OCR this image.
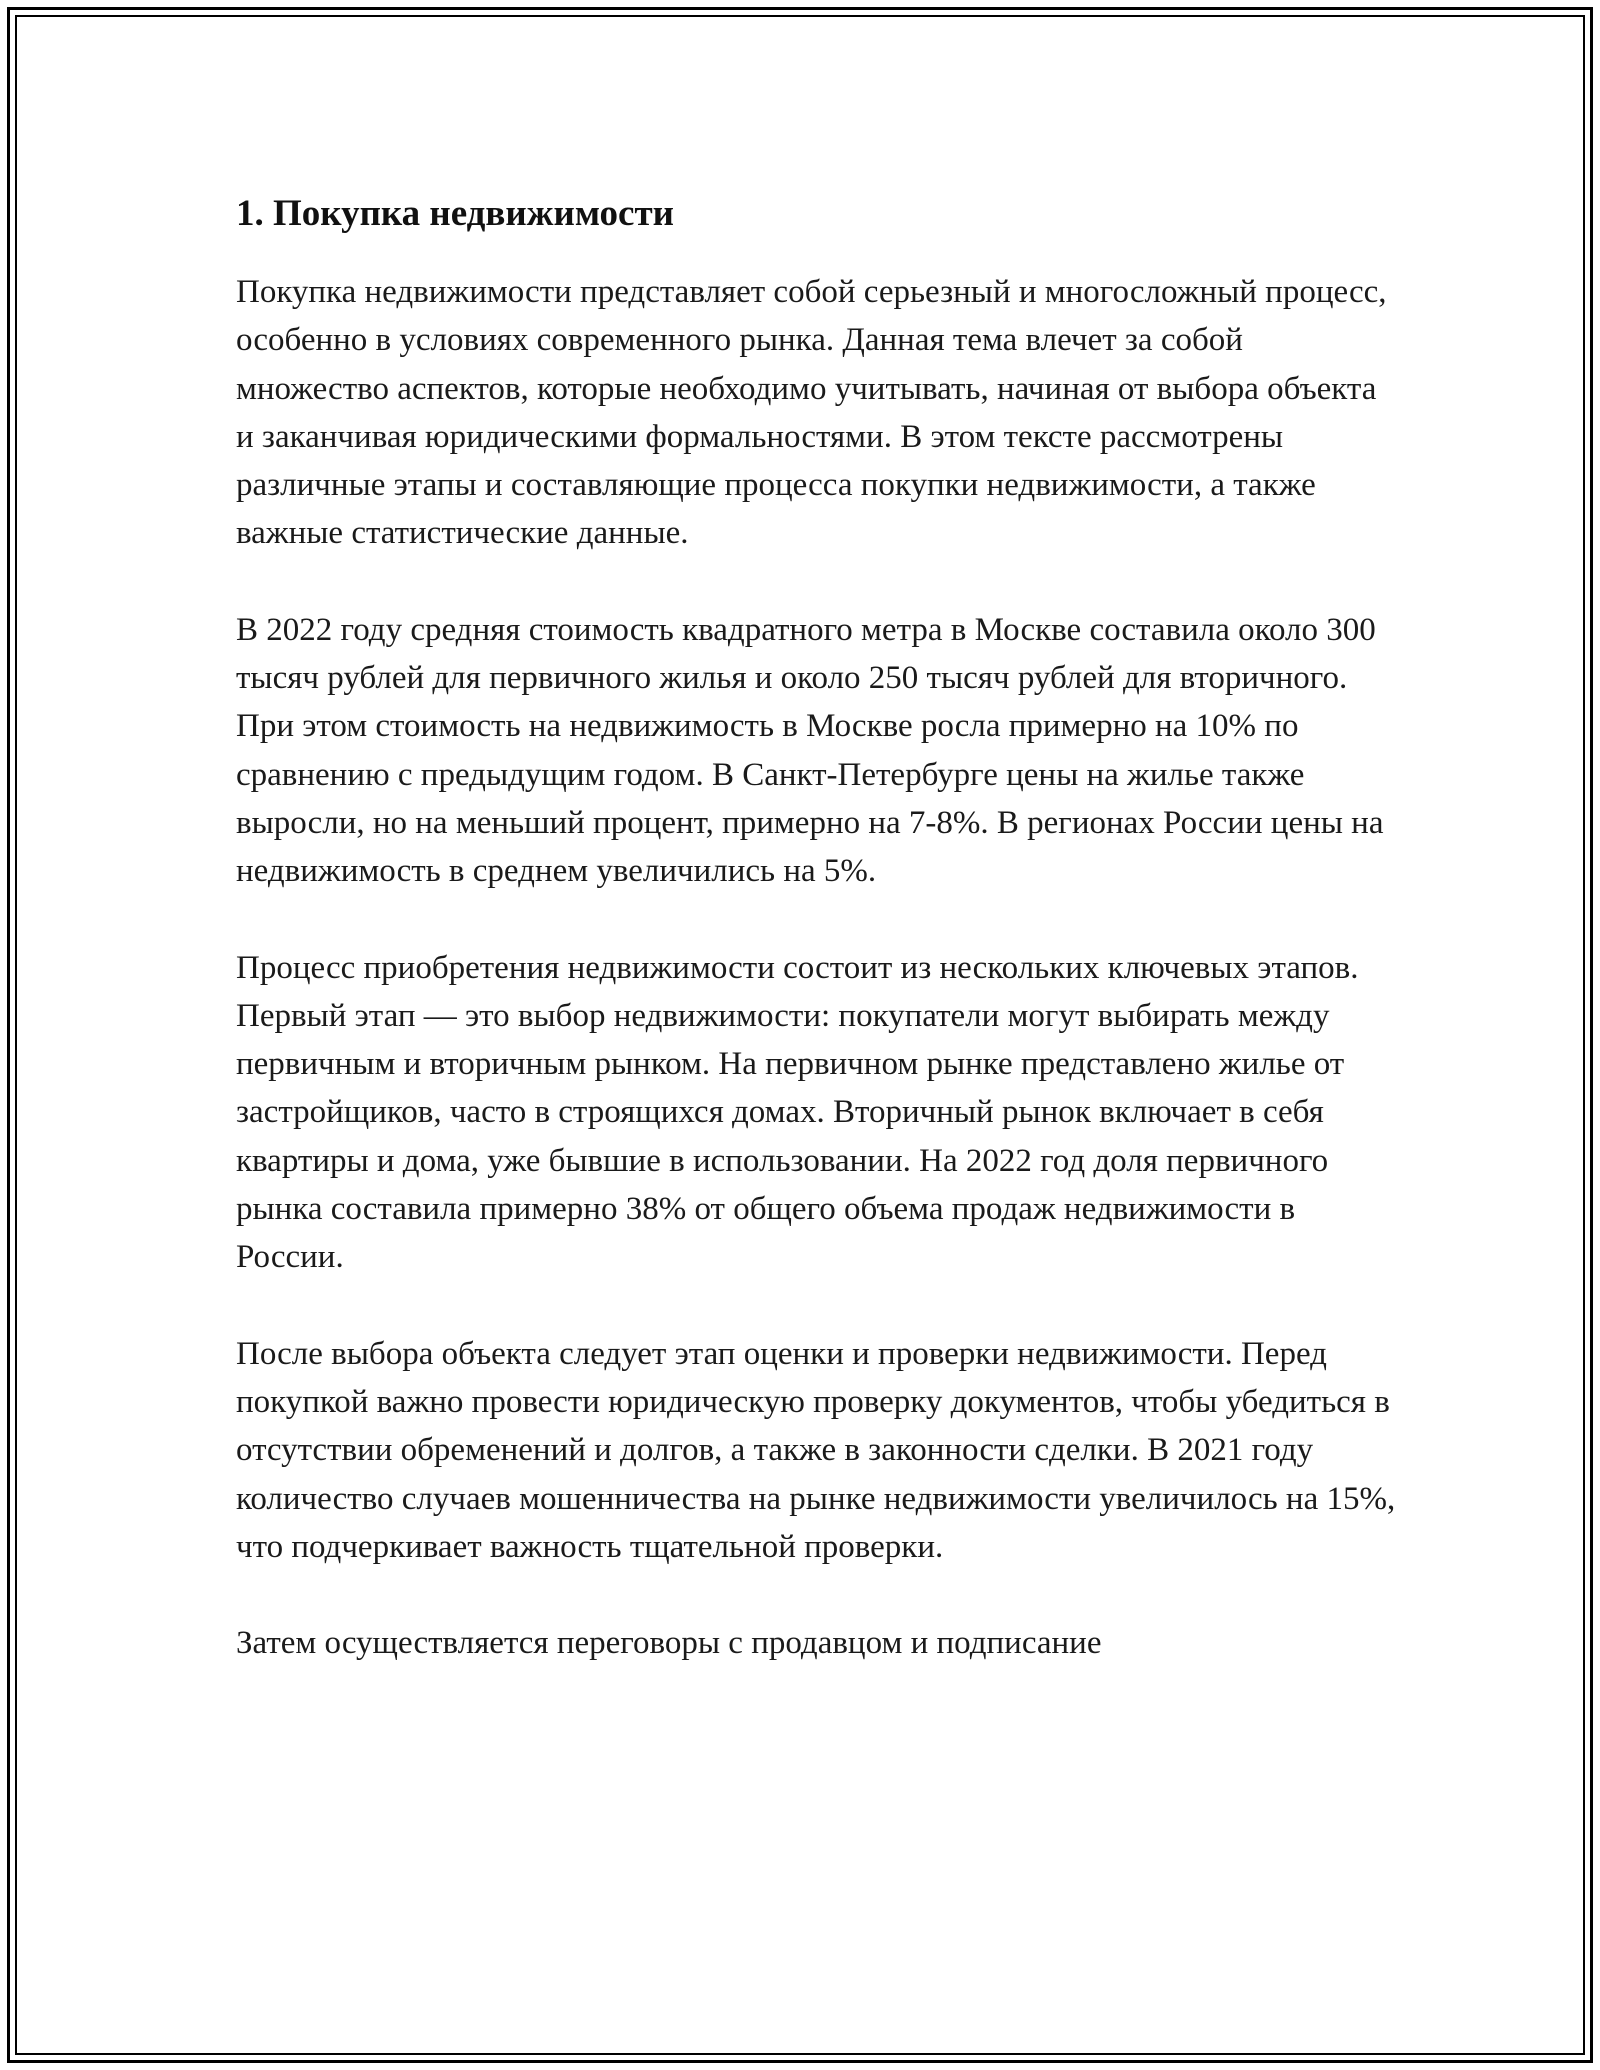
1. Покупка недвижимости

Покупка недвижимости представляет собой серьезный и многосложный процесс, особенно в условиях современного рынка. Данная тема влечет за собой множество аспектов, которые необходимо учитывать, начиная от выбора объекта и заканчивая юридическими формальностями. В этом тексте рассмотрены различные этапы и составляющие процесса покупки недвижимости, а также важные статистические данные.

В 2022 году средняя стоимость квадратного метра в Москве составила около 300 тысяч рублей для первичного жилья и около 250 тысяч рублей для вторичного. При этом стоимость на недвижимость в Москве росла примерно на 10% по сравнению с предыдущим годом. В Санкт-Петербурге цены на жилье также выросли, но на меньший процент, примерно на 7-8%. В регионах России цены на недвижимость в среднем увеличились на 5%.

Процесс приобретения недвижимости состоит из нескольких ключевых этапов. Первый этап — это выбор недвижимости: покупатели могут выбирать между первичным и вторичным рынком. На первичном рынке представлено жилье от застройщиков, часто в строящихся домах. Вторичный рынок включает в себя квартиры и дома, уже бывшие в использовании. На 2022 год доля первичного рынка составила примерно 38% от общего объема продаж недвижимости в России.

После выбора объекта следует этап оценки и проверки недвижимости. Перед покупкой важно провести юридическую проверку документов, чтобы убедиться в отсутствии обременений и долгов, а также в законности сделки. В 2021 году количество случаев мошенничества на рынке недвижимости увеличилось на 15%, что подчеркивает важность тщательной проверки.

Затем осуществляется переговоры с продавцом и подписание
